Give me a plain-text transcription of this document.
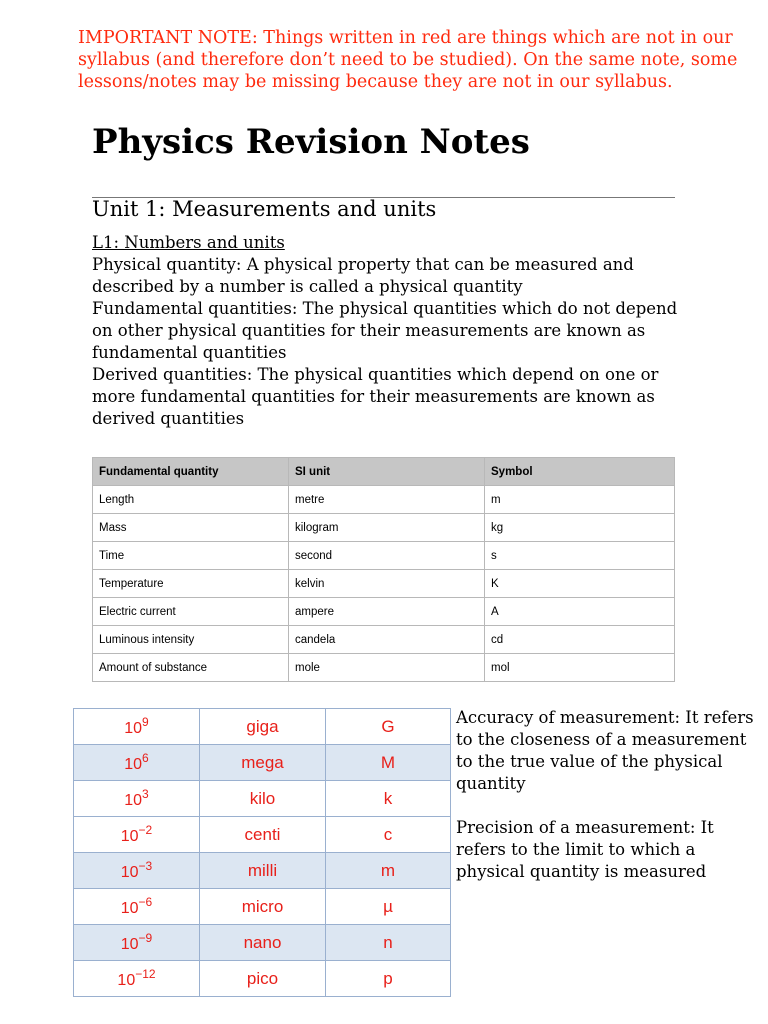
IMPORTANT NOTE: Things written in red are things which are not in our syllabus (and therefore don’t need to be studied). On the same note, some lessons/notes may be missing because they are not in our syllabus.
Physics Revision Notes
Unit 1: Measurements and units
L1: Numbers and units

Physical quantity: A physical property that can be measured and described by a number is called a physical quantity

Fundamental quantities: The physical quantities which do not depend on other physical quantities for their measurements are known as fundamental quantities

Derived quantities: The physical quantities which depend on one or more fundamental quantities for their measurements are known as derived quantities

Fundamental quantity	SI unit	Symbol
Length	metre	m
Mass	kilogram	kg
Time	second	s
Temperature	kelvin	K
Electric current	ampere	A
Luminous intensity	candela	cd
Amount of substance	mole	mol
$10^9$	giga	G
$10^6$	mega	M
$10^3$	kilo	k
$10^{-2}$	centi	c
$10^{-3}$	milli	m
$10^{-6}$	micro	µ
$10^{-9}$	nano	n
$10^{-12}$	pico	p

Accuracy of measurement: It refers to the closeness of a measurement to the true value of the physical quantity

Precision of a measurement: It refers to the limit to which a physical quantity is measured
